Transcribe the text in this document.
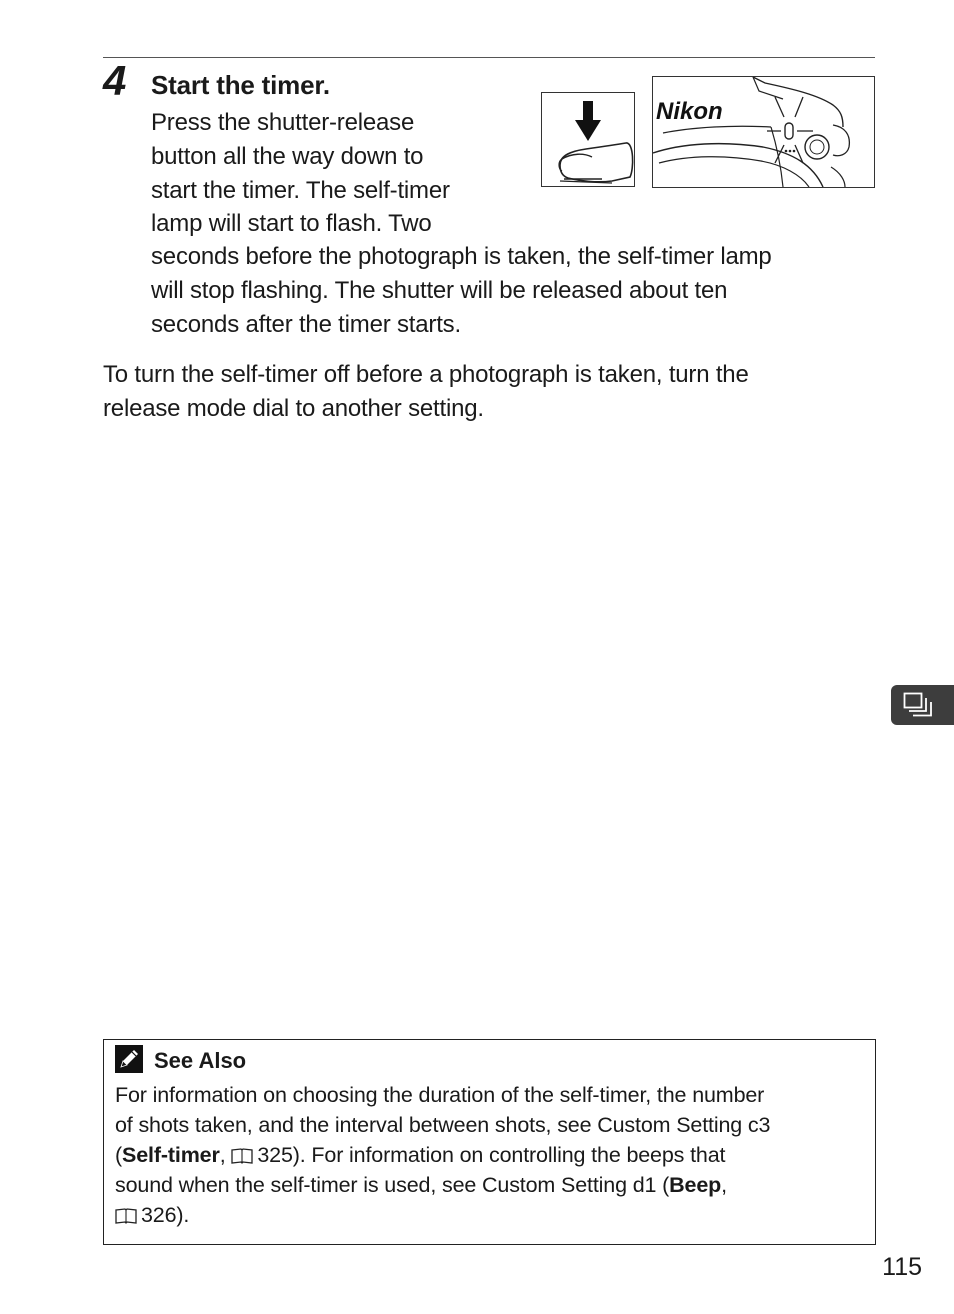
4 Start the timer.
Press the shutter-release
button all the way down to
start the timer. The self-timer
lamp will start to flash. Two
seconds before the photograph is taken, the self-timer lamp
will stop flashing. The shutter will be released about ten
seconds after the timer starts.
Nikon
To turn the self-timer off before a photograph is taken, turn the
release mode dial to another setting.
See Also
For information on choosing the duration of the self-timer, the number
of shots taken, and the interval between shots, see Custom Setting c3
(Self-timer, 325). For information on controlling the beeps that
sound when the self-timer is used, see Custom Setting d1 (Beep,
326).
115
